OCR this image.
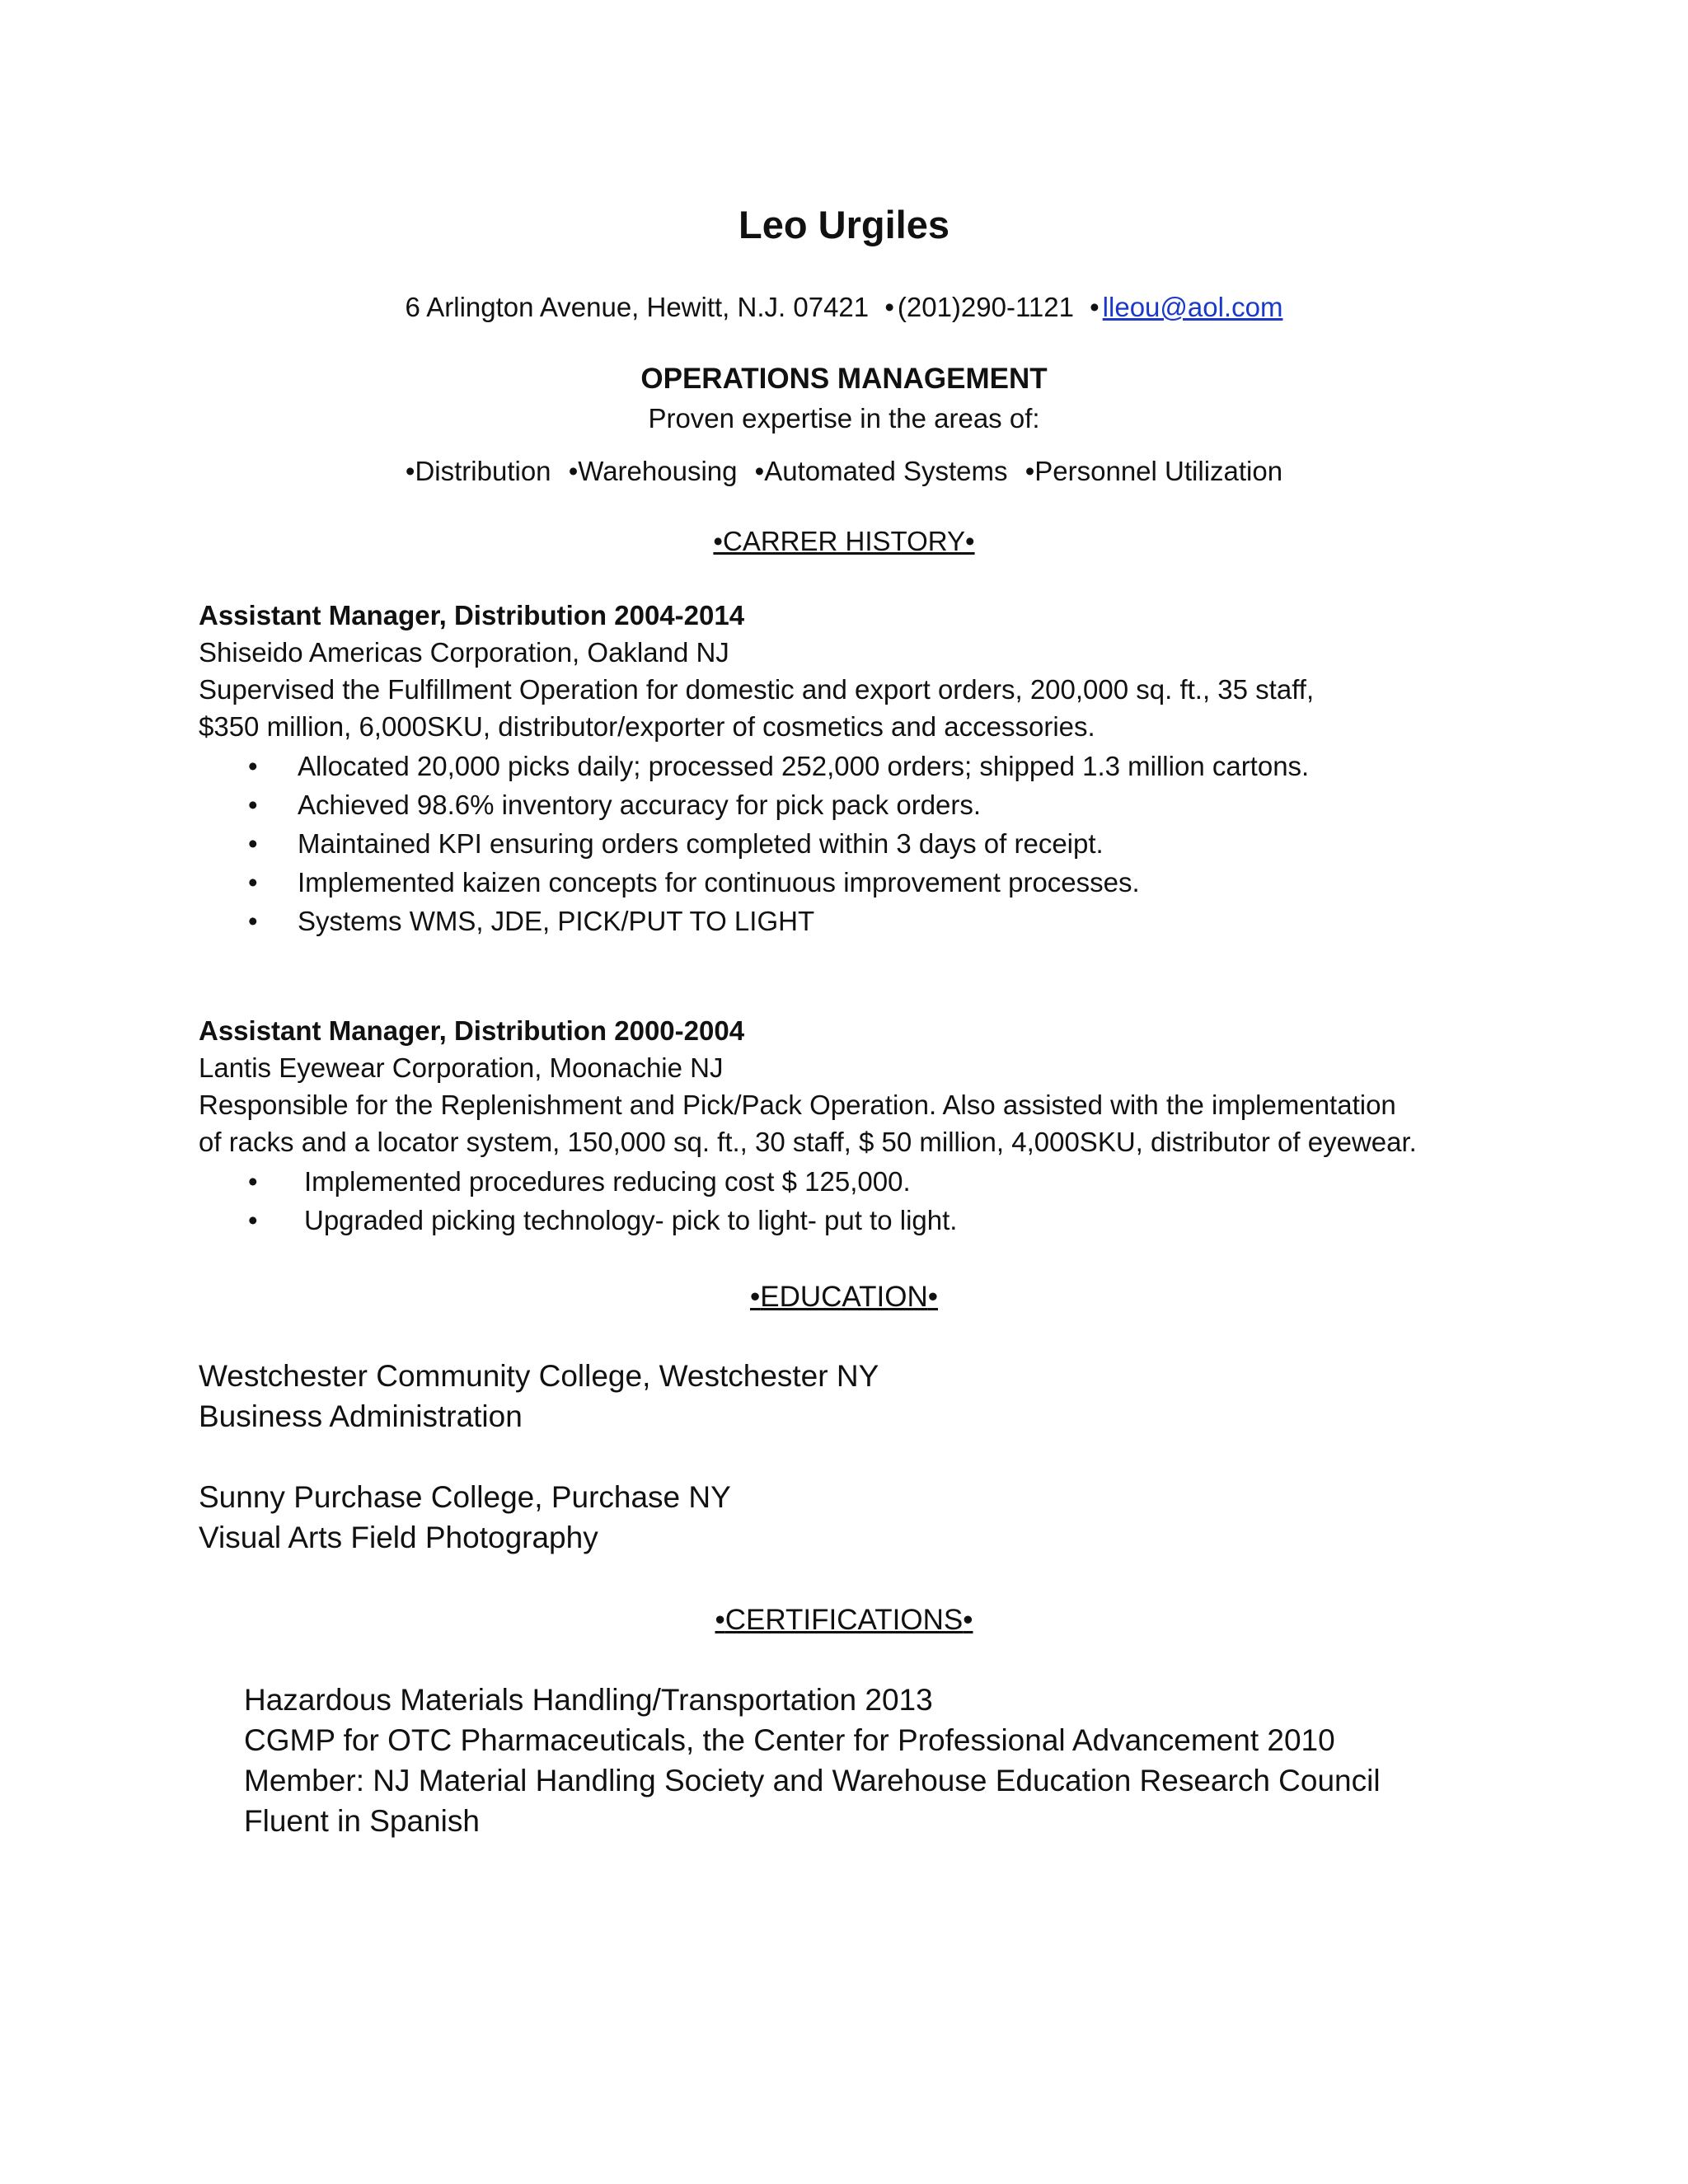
Leo Urgiles
6 Arlington Avenue, Hewitt, N.J. 07421 • (201)290-1121 • lleou@aol.com
OPERATIONS MANAGEMENT
Proven expertise in the areas of:
•Distribution •Warehousing •Automated Systems •Personnel Utilization
•CARRER HISTORY•
Assistant Manager, Distribution 2004-2014
Shiseido Americas Corporation, Oakland NJ
Supervised the Fulfillment Operation for domestic and export orders, 200,000 sq. ft., 35 staff,
$350 million, 6,000SKU, distributor/exporter of cosmetics and accessories.
• Allocated 20,000 picks daily; processed 252,000 orders; shipped 1.3 million cartons.
• Achieved 98.6% inventory accuracy for pick pack orders.
• Maintained KPI ensuring orders completed within 3 days of receipt.
• Implemented kaizen concepts for continuous improvement processes.
• Systems WMS, JDE, PICK/PUT TO LIGHT
Assistant Manager, Distribution 2000-2004
Lantis Eyewear Corporation, Moonachie NJ
Responsible for the Replenishment and Pick/Pack Operation. Also assisted with the implementation
of racks and a locator system, 150,000 sq. ft., 30 staff, $ 50 million, 4,000SKU, distributor of eyewear.
• Implemented procedures reducing cost $ 125,000.
• Upgraded picking technology- pick to light- put to light.
•EDUCATION•
Westchester Community College, Westchester NY
Business Administration
Sunny Purchase College, Purchase NY
Visual Arts Field Photography
•CERTIFICATIONS•
Hazardous Materials Handling/Transportation 2013
CGMP for OTC Pharmaceuticals, the Center for Professional Advancement 2010
Member: NJ Material Handling Society and Warehouse Education Research Council
Fluent in Spanish
